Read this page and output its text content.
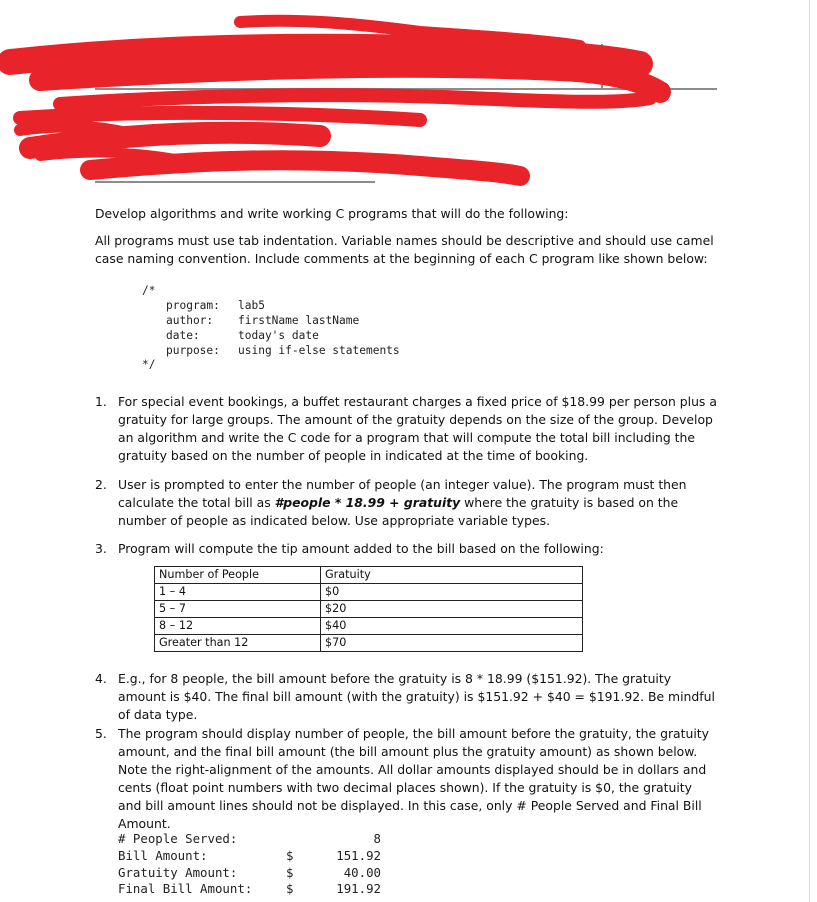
Develop algorithms and write working C programs that will do the following:

All programs must use tab indentation. Variable names should be descriptive and should use camel case naming convention. Include comments at the beginning of each C program like shown below:

/*
program: lab5
author: firstName lastName
date:	today's date
purpose: using if-else statements
*/
1. For special event bookings, a buffet restaurant charges a fixed price of $18.99 per person plus a gratuity for large groups. The amount of the gratuity depends on the size of the group. Develop an algorithm and write the C code for a program that will compute the total bill including the gratuity based on the number of people in indicated at the time of booking.
2. User is prompted to enter the number of people (an integer value). The program must then calculate the total bill as #people * 18.99 + gratuity where the gratuity is based on the number of people as indicated below. Use appropriate variable types.
3. Program will compute the tip amount added to the bill based on the following:
Number of People	Gratuity
1 – 4	$0
5 – 7	$20
8 – 12	$40
Greater than 12	$70
4. E.g., for 8 people, the bill amount before the gratuity is 8 * 18.99 ($151.92). The gratuity amount is $40. The final bill amount (with the gratuity) is $151.92 + $40 = $191.92. Be mindful of data type.
5. The program should display number of people, the bill amount before the gratuity, the gratuity amount, and the final bill amount (the bill amount plus the gratuity amount) as shown below. Note the right-alignment of the amounts. All dollar amounts displayed should be in dollars and cents (float point numbers with two decimal places shown). If the gratuity is $0, the gratuity and bill amount lines should not be displayed. In this case, only # People Served and Final Bill Amount.
# People Served:	8
Bill Amount:	$	151.92
Gratuity Amount:	$	40.00
Final Bill Amount:	$	191.92
